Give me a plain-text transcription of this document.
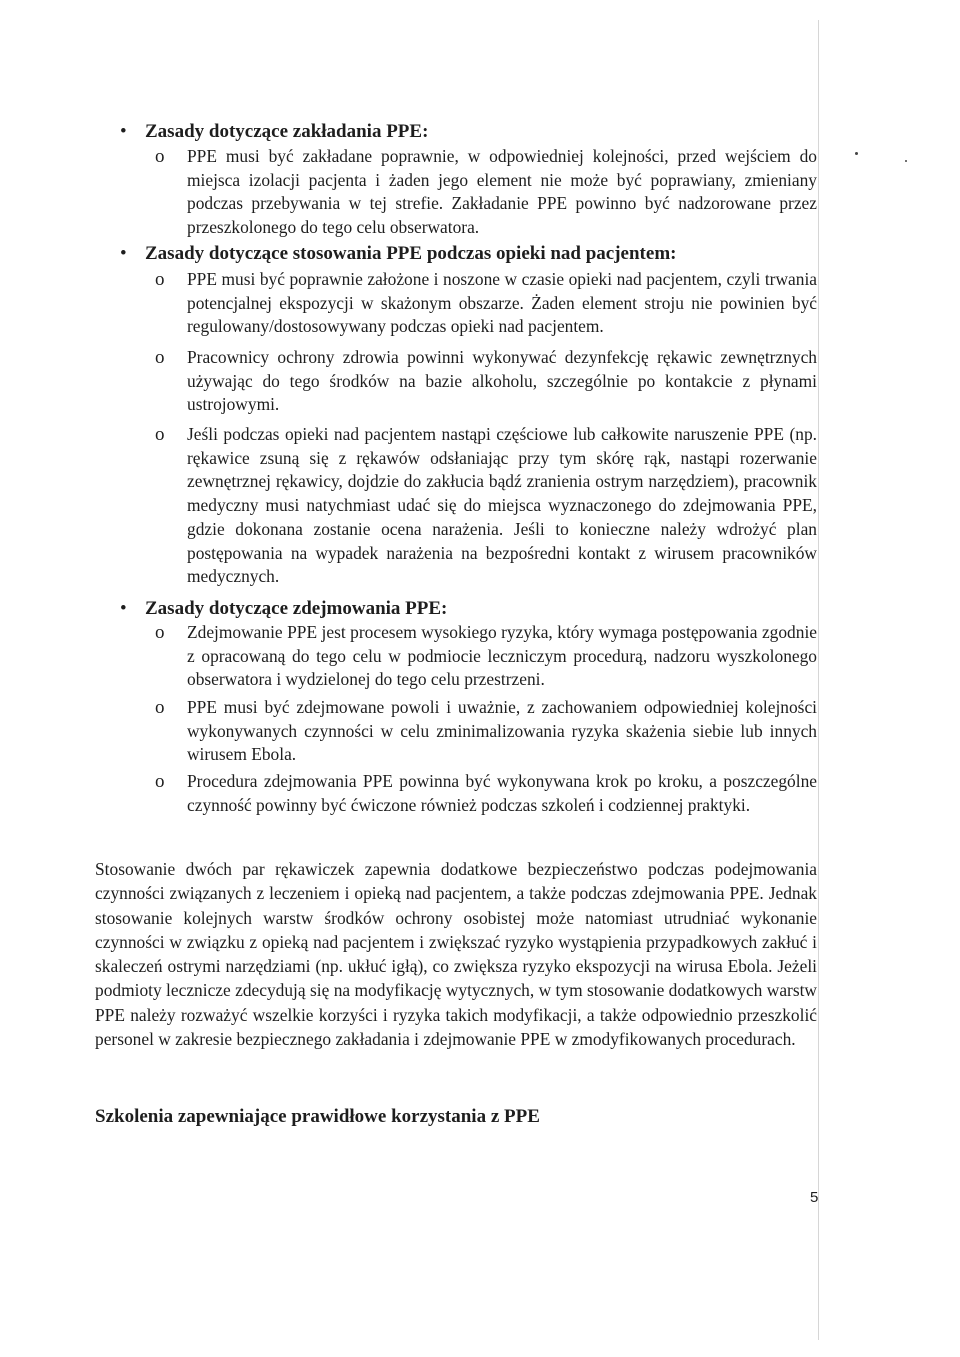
• Zasady dotyczące zakładania PPE:
o PPE musi być zakładane poprawnie, w odpowiedniej kolejności, przed wejściem do miejsca izolacji pacjenta i żaden jego element nie może być poprawiany, zmieniany podczas przebywania w tej strefie. Zakładanie PPE powinno być nadzorowane przez przeszkolonego do tego celu obserwatora.
• Zasady dotyczące stosowania PPE podczas opieki nad pacjentem:
o PPE musi być poprawnie założone i noszone w czasie opieki nad pacjentem, czyli trwania potencjalnej ekspozycji w skażonym obszarze. Żaden element stroju nie powinien być regulowany/dostosowywany podczas opieki nad pacjentem.
o Pracownicy ochrony zdrowia powinni wykonywać dezynfekcję rękawic zewnętrznych używając do tego środków na bazie alkoholu, szczególnie po kontakcie z płynami ustrojowymi.
o Jeśli podczas opieki nad pacjentem nastąpi częściowe lub całkowite naruszenie PPE (np. rękawice zsuną się z rękawów odsłaniając przy tym skórę rąk, nastąpi rozerwanie zewnętrznej rękawicy, dojdzie do zakłucia bądź zranienia ostrym narzędziem), pracownik medyczny musi natychmiast udać się do miejsca wyznaczonego do zdejmowania PPE, gdzie dokonana zostanie ocena narażenia. Jeśli to konieczne należy wdrożyć plan postępowania na wypadek narażenia na bezpośredni kontakt z wirusem pracowników medycznych.
• Zasady dotyczące zdejmowania PPE:
o Zdejmowanie PPE jest procesem wysokiego ryzyka, który wymaga postępowania zgodnie z opracowaną do tego celu w podmiocie leczniczym procedurą, nadzoru wyszkolonego obserwatora i wydzielonej do tego celu przestrzeni.
o PPE musi być zdejmowane powoli i uważnie, z zachowaniem odpowiedniej kolejności wykonywanych czynności w celu zminimalizowania ryzyka skażenia siebie lub innych wirusem Ebola.
o Procedura zdejmowania PPE powinna być wykonywana krok po kroku, a poszczególne czynność powinny być ćwiczone również podczas szkoleń i codziennej praktyki.
Stosowanie dwóch par rękawiczek zapewnia dodatkowe bezpieczeństwo podczas podejmowania czynności związanych z leczeniem i opieką nad pacjentem, a także podczas zdejmowania PPE. Jednak stosowanie kolejnych warstw środków ochrony osobistej może natomiast utrudniać wykonanie czynności w związku z opieką nad pacjentem i zwiększać ryzyko wystąpienia przypadkowych zakłuć i skaleczeń ostrymi narzędziami (np. ukłuć igłą), co zwiększa ryzyko ekspozycji na wirusa Ebola. Jeżeli podmioty lecznicze zdecydują się na modyfikację wytycznych, w tym stosowanie dodatkowych warstw PPE należy rozważyć wszelkie korzyści i ryzyka takich modyfikacji, a także odpowiednio przeszkolić personel w zakresie bezpiecznego zakładania i zdejmowanie PPE w zmodyfikowanych procedurach.
Szkolenia zapewniające prawidłowe korzystania z PPE
5
